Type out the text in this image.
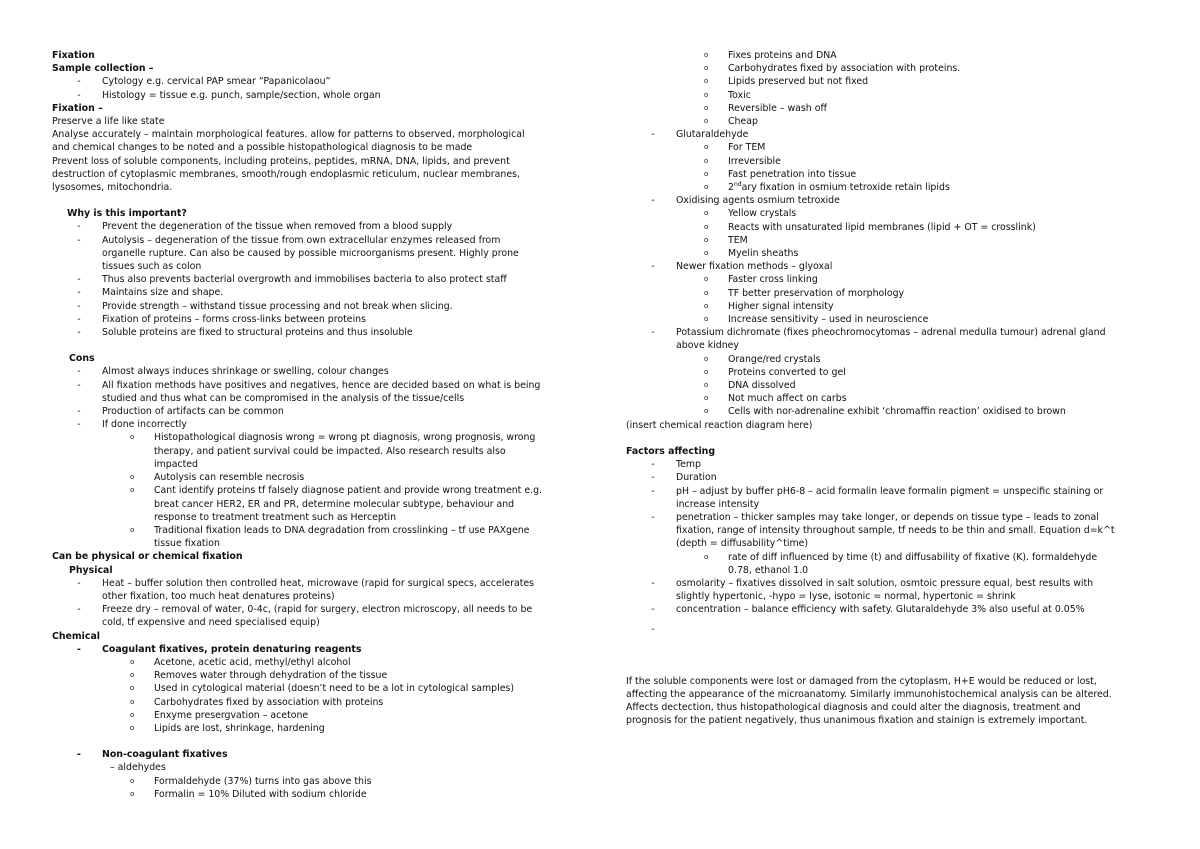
Fixation
Sample collection –
- Cytology e.g. cervical PAP smear “Papanicolaou”
- Histology = tissue e.g. punch, sample/section, whole organ
Fixation –
Preserve a life like state
Analyse accurately – maintain morphological features. allow for patterns to observed, morphological
and chemical changes to be noted and a possible histopathological diagnosis to be made
Prevent loss of soluble components, including proteins, peptides, mRNA, DNA, lipids, and prevent
destruction of cytoplasmic membranes, smooth/rough endoplasmic reticulum, nuclear membranes,
lysosomes, mitochondria.
Why is this important?
- Prevent the degeneration of the tissue when removed from a blood supply
- Autolysis – degeneration of the tissue from own extracellular enzymes released from
organelle rupture. Can also be caused by possible microorganisms present. Highly prone
tissues such as colon
- Thus also prevents bacterial overgrowth and immobilises bacteria to also protect staff
- Maintains size and shape.
- Provide strength – withstand tissue processing and not break when slicing.
- Fixation of proteins – forms cross-links between proteins
- Soluble proteins are fixed to structural proteins and thus insoluble
Cons
- Almost always induces shrinkage or swelling, colour changes
- All fixation methods have positives and negatives, hence are decided based on what is being
studied and thus what can be compromised in the analysis of the tissue/cells
- Production of artifacts can be common
- If done incorrectly
o Histopathological diagnosis wrong = wrong pt diagnosis, wrong prognosis, wrong
therapy, and patient survival could be impacted. Also research results also
impacted
o Autolysis can resemble necrosis
o Cant identify proteins tf falsely diagnose patient and provide wrong treatment e.g.
breat cancer HER2, ER and PR, determine molecular subtype, behaviour and
response to treatment treatment such as Herceptin
o Traditional fixation leads to DNA degradation from crosslinking – tf use PAXgene
tissue fixation
Can be physical or chemical fixation
Physical
- Heat – buffer solution then controlled heat, microwave (rapid for surgical specs, accelerates
other fixation, too much heat denatures proteins)
- Freeze dry – removal of water, 0-4c, (rapid for surgery, electron microscopy, all needs to be
cold, tf expensive and need specialised equip)
Chemical
- Coagulant fixatives, protein denaturing reagents
o Acetone, acetic acid, methyl/ethyl alcohol
o Removes water through dehydration of the tissue
o Used in cytological material (doesn’t need to be a lot in cytological samples)
o Carbohydrates fixed by association with proteins
o Enxyme presergvation – acetone
o Lipids are lost, shrinkage, hardening
- Non-coagulant fixatives
– aldehydes
o Formaldehyde (37%) turns into gas above this
o Formalin = 10% Diluted with sodium chloride
o Fixes proteins and DNA
o Carbohydrates fixed by association with proteins.
o Lipids preserved but not fixed
o Toxic
o Reversible – wash off
o Cheap
- Glutaraldehyde
o For TEM
o Irreversible
o Fast penetration into tissue
o 2ndary fixation in osmium tetroxide retain lipids
- Oxidising agents osmium tetroxide
o Yellow crystals
o Reacts with unsaturated lipid membranes (lipid + OT = crosslink)
o TEM
o Myelin sheaths
- Newer fixation methods – glyoxal
o Faster cross linking
o TF better preservation of morphology
o Higher signal intensity
o Increase sensitivity – used in neuroscience
- Potassium dichromate (fixes pheochromocytomas – adrenal medulla tumour) adrenal gland
above kidney
o Orange/red crystals
o Proteins converted to gel
o DNA dissolved
o Not much affect on carbs
o Cells with nor-adrenaline exhibit ‘chromaffin reaction’ oxidised to brown
(insert chemical reaction diagram here)
Factors affecting
- Temp
- Duration
- pH – adjust by buffer pH6-8 – acid formalin leave formalin pigment = unspecific staining or
increase intensity
- penetration – thicker samples may take longer, or depends on tissue type – leads to zonal
fixation, range of intensity throughout sample, tf needs to be thin and small. Equation d=k^t
(depth = diffusability^time)
o rate of diff influenced by time (t) and diffusability of fixative (K). formaldehyde
0.78, ethanol 1.0
- osmolarity – fixatives dissolved in salt solution, osmtoic pressure equal, best results with
slightly hypertonic, -hypo = lyse, isotonic = normal, hypertonic = shrink
- concentration – balance efficiency with safety. Glutaraldehyde 3% also useful at 0.05%
-
If the soluble components were lost or damaged from the cytoplasm, H+E would be reduced or lost,
affecting the appearance of the microanatomy. Similarly immunohistochemical analysis can be altered.
Affects dectection, thus histopathological diagnosis and could alter the diagnosis, treatment and
prognosis for the patient negatively, thus unanimous fixation and stainign is extremely important.
